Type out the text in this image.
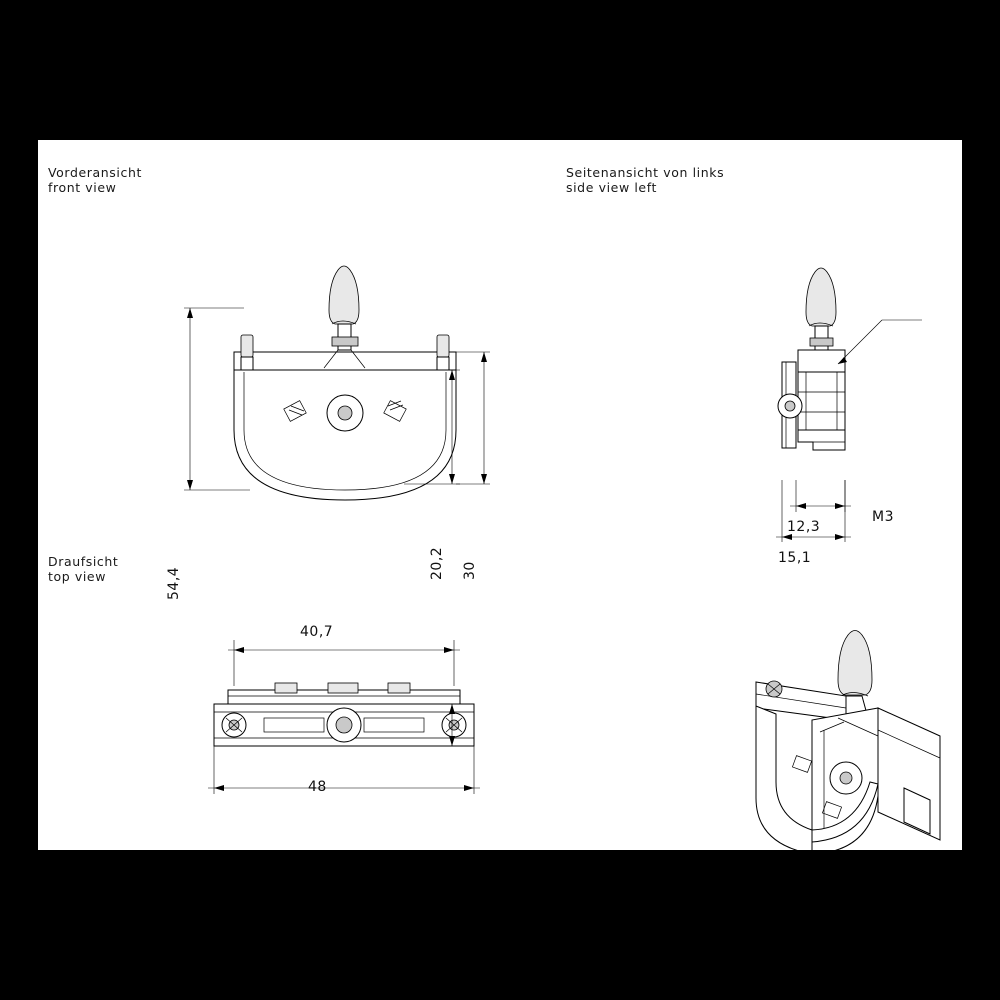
Vorderansicht
front view
Seitenansicht von links
side view left
Draufsicht
top view	54,4
20,2 30
M3
12,3
15,1
40,7
48
